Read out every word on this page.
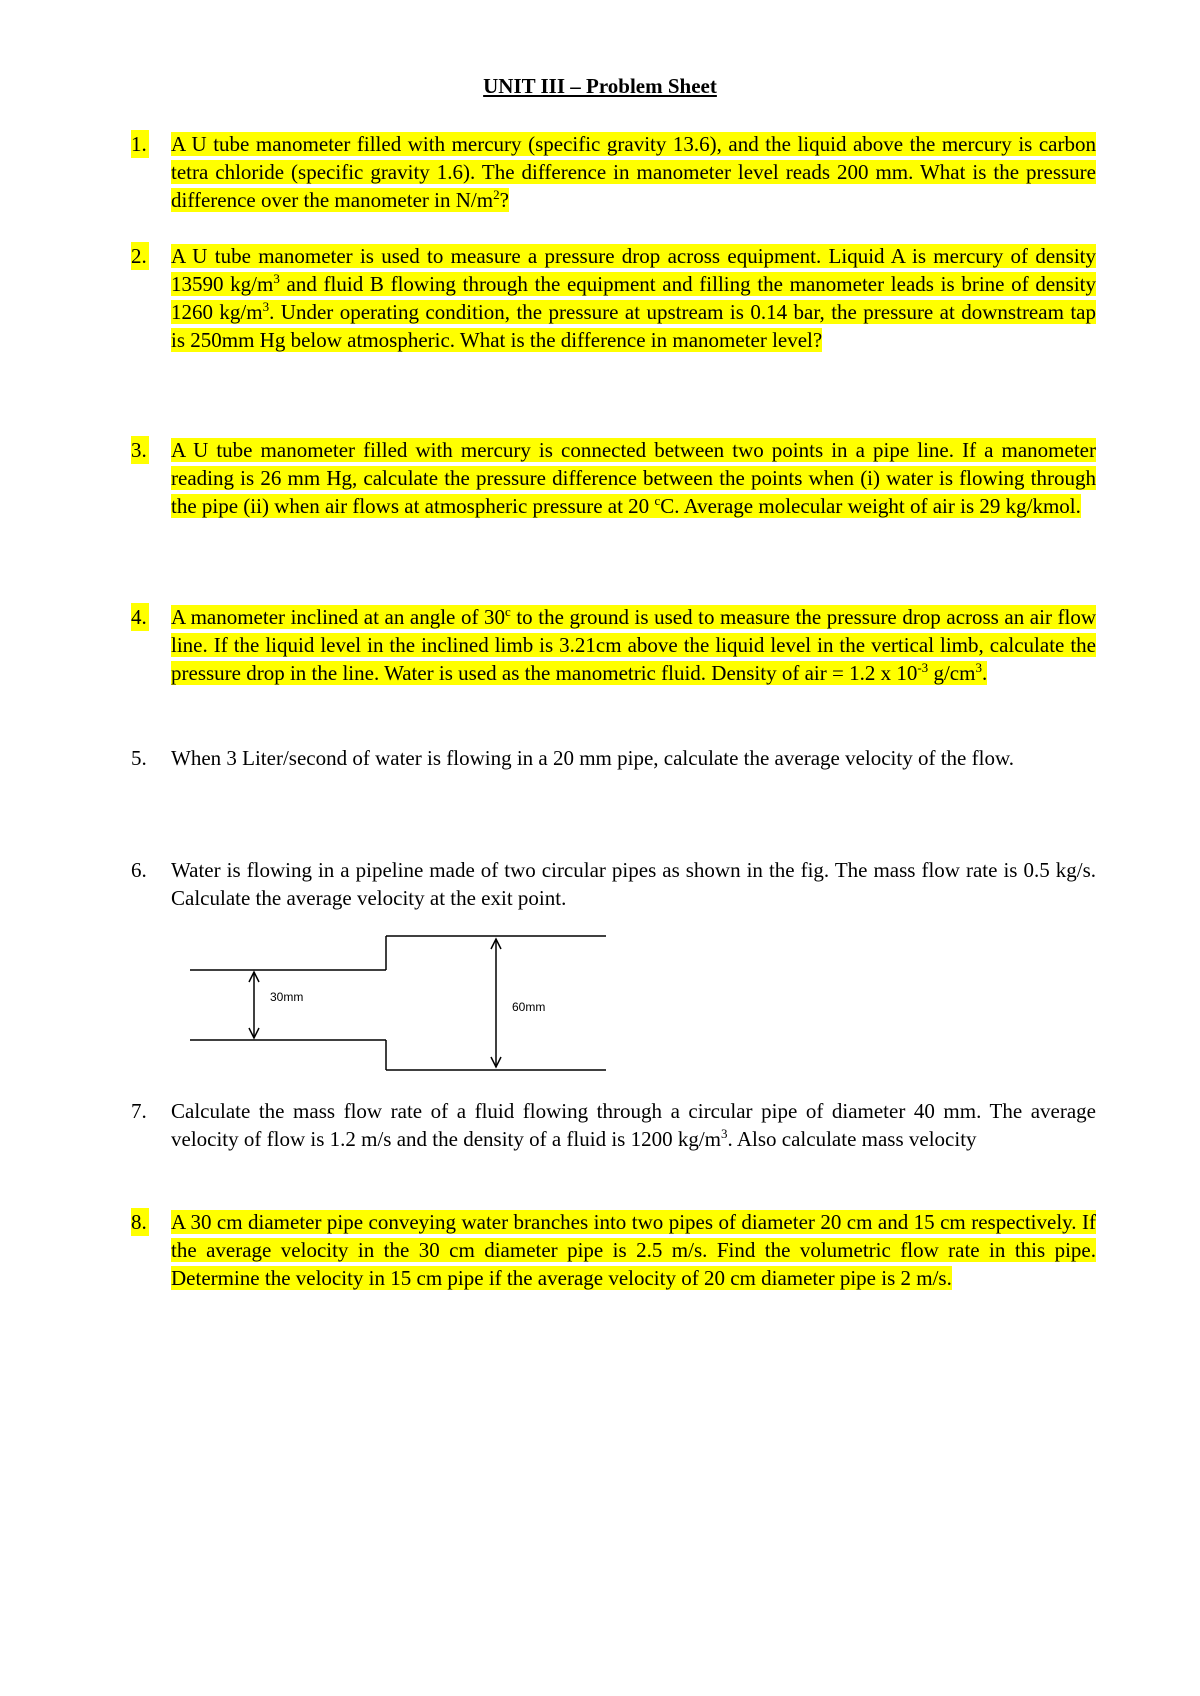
UNIT III – Problem Sheet
1. A U tube manometer filled with mercury (specific gravity 13.6), and the liquid above the mercury is carbon tetra chloride (specific gravity 1.6). The difference in manometer level reads 200 mm. What is the pressure difference over the manometer in $N/m^2$?
2. A U tube manometer is used to measure a pressure drop across equipment. Liquid A is mercury of density 13590 $kg/m^3$ and fluid B flowing through the equipment and filling the manometer leads is brine of density 1260 $kg/m^3$. Under operating condition, the pressure at upstream is 0.14 bar, the pressure at downstream tap is 250mm Hg below atmospheric. What is the difference in manometer level?
3. A U tube manometer filled with mercury is connected between two points in a pipe line. If a manometer reading is 26 mm Hg, calculate the pressure difference between the points when (i) water is flowing through the pipe (ii) when air flows at atmospheric pressure at 20 $^c$C. Average molecular weight of air is 29 kg/kmol.
4. A manometer inclined at an angle of 30$^c$ to the ground is used to measure the pressure drop across an air flow line. If the liquid level in the inclined limb is 3.21cm above the liquid level in the vertical limb, calculate the pressure drop in the line. Water is used as the manometric fluid. Density of air = 1.2 x $10^{-3}$ $g/cm^3$.
5. When 3 Liter/second of water is flowing in a 20 mm pipe, calculate the average velocity of the flow.
6. Water is flowing in a pipeline made of two circular pipes as shown in the fig. The mass flow rate is 0.5 kg/s. Calculate the average velocity at the exit point.
30mm
60mm
7. Calculate the mass flow rate of a fluid flowing through a circular pipe of diameter 40 mm. The average velocity of flow is 1.2 m/s and the density of a fluid is 1200 $kg/m^3$. Also calculate mass velocity
8. A 30 cm diameter pipe conveying water branches into two pipes of diameter 20 cm and 15 cm respectively. If the average velocity in the 30 cm diameter pipe is 2.5 m/s. Find the volumetric flow rate in this pipe. Determine the velocity in 15 cm pipe if the average velocity of 20 cm diameter pipe is 2 m/s.
